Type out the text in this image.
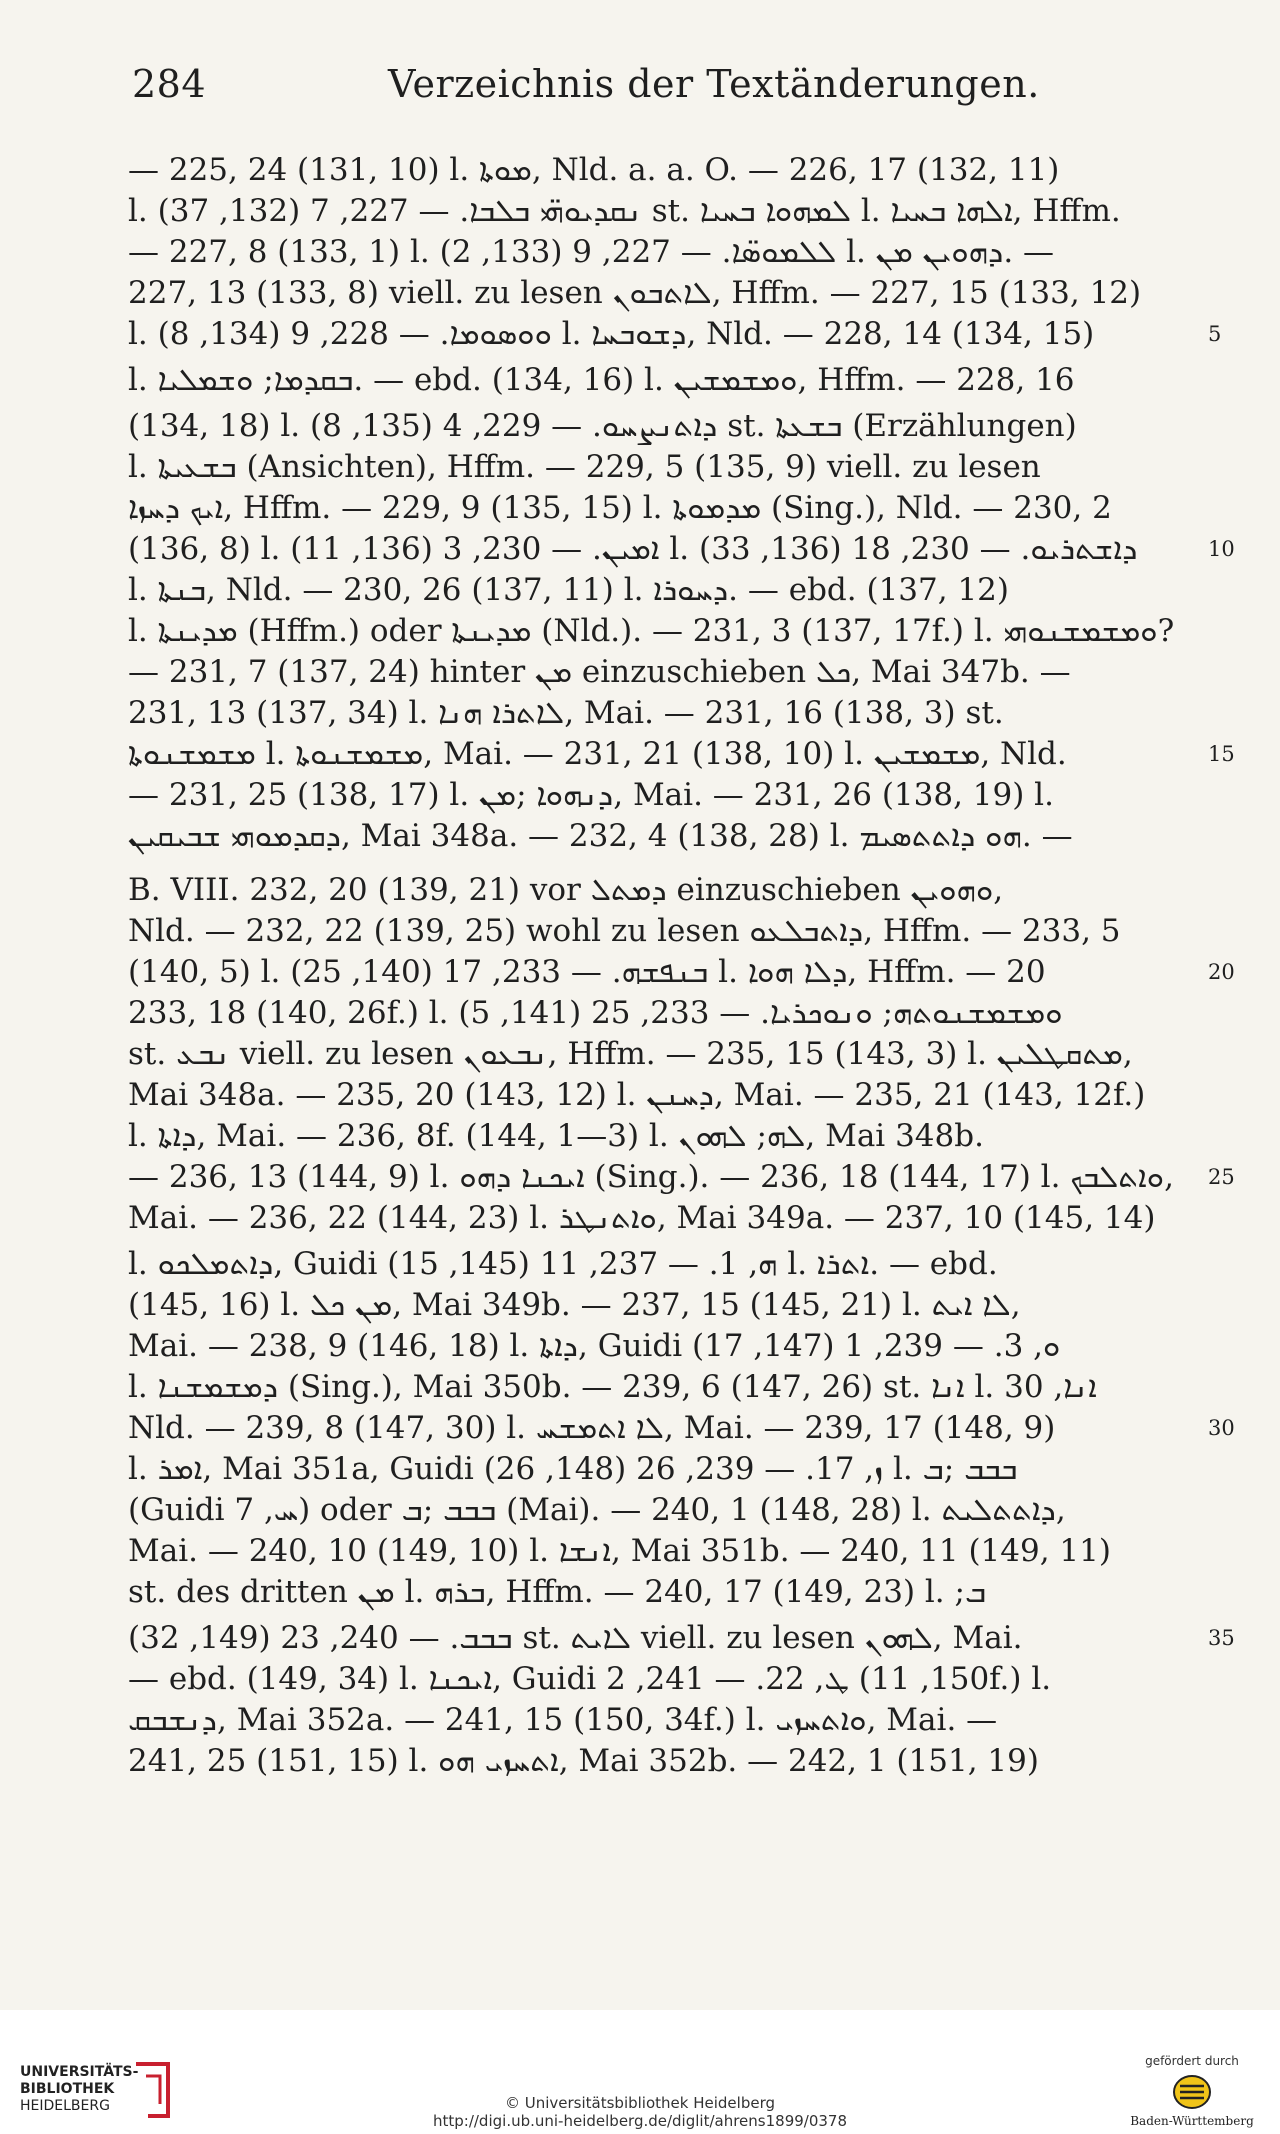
284	Verzeichnis der Textänderungen.
— 225, 24 (131, 10) l. ܡܘܬܐ, Nld. a. a. O. — 226, 17 (132, 11)
l. ܢܩܕܝܘܗ̈ܝ ܒܠܒܐ. — 227, 7 (132, 37) st. ܠܡܗܘܐ ܒܚܝܐ l. ܐܠܗܐ ܒܚܝܐ, Hffm.
— 227, 8 (133, 1) l. ܠܠܡܘܣ̈ܐ. — 227, 9 (133, 2) l. ܕܗܘܝܢ ܡܢ. —
227, 13 (133, 8) viell. zu lesen ܠܐܬܒܘܢ, Hffm. — 227, 15 (133, 12)
l. ܘܘܣܘܡܐ. — 228, 9 (134, 8) l. ܕܫܘܒܚܐ, Nld. — 228, 14 (134, 15)	5
l. ܒܩܕܡܐ; ܘܫܡܠܝܐ. — ebd. (134, 16) l. ܘܡܫܡܫܝܢ, Hffm. — 228, 16
(134, 18) l. ܕܐܬܢܨܚܘ. — 229, 4 (135, 8) st. ܒܫܥܬܐ (Erzählungen)
l. ܒܫܥܝܬܐ (Ansichten), Hffm. — 229, 5 (135, 9) viell. zu lesen
ܐܝܟ ܕܚܙܐ, Hffm. — 229, 9 (135, 15) l. ܡܕܡܘܬܐ (Sing.), Nld. — 230, 2
(136, 8) l. ܐܡܝܢ. — 230, 3 (136, 11) l. ܕܐܫܬܪܝܘ. — 230, 18 (136, 33)	10
l. ܒܢܬܐ, Nld. — 230, 26 (137, 11) l. ܕܚܘܪܐ. — ebd. (137, 12)
l. ܡܕܝܢܬܐ (Hffm.) oder ܡܕܝܢܬܐ (Nld.). — 231, 3 (137, 17f.) l. ܘܡܫܡܫܢܘܗܝ?
— 231, 7 (137, 24) hinter ܡܢ einzuschieben ܟܠ, Mai 347b. —
231, 13 (137, 34) l. ܠܐܬܪܐ ܗܢܐ, Mai. — 231, 16 (138, 3) st.
ܡܫܡܫܢܘܬܐ l. ܡܫܡܫܢܘܬܐ, Mai. — 231, 21 (138, 10) l. ܡܫܡܫܝܢ, Nld.	15
— 231, 25 (138, 17) l. ܕܢܗܘܐ ;ܡܢ, Mai. — 231, 26 (138, 19) l.
ܕܩܕܡܘܗܝ ܫܒܝܩܝܢ, Mai 348a. — 232, 4 (138, 28) l. ܗܘ ܕܐܬܬܣܝܡ. —
B. VIII. 232, 20 (139, 21) vor ܕܡܬܠ einzuschieben ܘܗܘܝܢ,
Nld. — 232, 22 (139, 25) wohl zu lesen ܕܐܬܒܠܥܘ, Hffm. — 233, 5
(140, 5) l. ܒܢܦܫܗ. — 233, 17 (140, 25) l. ܕܠܐ ܗܘܐ, Hffm. — 20	20
233, 18 (140, 26f.) l. ܘܡܫܡܫܢܘܬܗ; ܘܢܘܟܪܝܐ. — 233, 25 (141, 5)
st. ܢܒܥ viell. zu lesen ܢܒܥܘܢ, Hffm. — 235, 15 (143, 3) l. ܡܬܩܛܠܝܢ,
Mai 348a. — 235, 20 (143, 12) l. ܕܚܢܢ, Mai. — 235, 21 (143, 12f.)
l. ܕܐܬܐ, Mai. — 236, 8f. (144, 1—3) l. ܠܗ; ܠܗܘܢ, Mai 348b.
— 236, 13 (144, 9) l. ܐܝܟܢܐ ܕܗܘ (Sing.). — 236, 18 (144, 17) l. ܘܐܬܠܒܟ,	25
Mai. — 236, 22 (144, 23) l. ܘܐܬܢܛܪ, Mai 349a. — 237, 10 (145, 14)
l. ܕܐܬܡܠܟܘ, Guidi ܗ, 1. — 237, 11 (145, 15) l. ܐܬܪܐ. — ebd.
(145, 16) l. ܡܢ ܟܠ, Mai 349b. — 237, 15 (145, 21) l. ܠܐ ܐܝܬ,
Mai. — 238, 9 (146, 18) l. ܕܐܬܐ, Guidi ܘ, 3. — 239, 1 (147, 17)
l. ܕܡܫܡܫܢܐ (Sing.), Mai 350b. — 239, 6 (147, 26) st. ܐܢܐ l. ܐܢܐ, 30
Nld. — 239, 8 (147, 30) l. ܠܐ ܐܬܡܫܚ, Mai. — 239, 17 (148, 9)	30
l. ܐܡܪ, Mai 351a, Guidi ܙ, 17. — 239, 26 (148, 26) l. ܒܒܒ ;ܒ
(Guidi ܚ, 7) oder ܒܒܒ ;ܒ (Mai). — 240, 1 (148, 28) l. ܕܐܬܬܠܝܬ,
Mai. — 240, 10 (149, 10) l. ܐܢܫܐ, Mai 351b. — 240, 11 (149, 11)
st. des dritten ܡܢ l. ܒܪܗ, Hffm. — 240, 17 (149, 23) l. ;ܒ
ܒܒܒ. — 240, 23 (149, 32) st. ܠܐܝܬ viell. zu lesen ܠܗܘܢ, Mai.	35
— ebd. (149, 34) l. ܐܝܟܢܐ, Guidi ܛ, 22. — 241, 2 (150, 11f.) l.
ܕܢܫܒܩ, Mai 352a. — 241, 15 (150, 34f.) l. ܘܐܬܚܙܝ, Mai. —
241, 25 (151, 15) l. ܐܬܚܙܝ ܗܘ, Mai 352b. — 242, 1 (151, 19)
UNIVERSITÄTS-
BIBLIOTHEK
HEIDELBERG	© Universitätsbibliothek Heidelberg
http://digi.ub.uni-heidelberg.de/diglit/ahrens1899/0378
gefördert durch
Baden-Württemberg
